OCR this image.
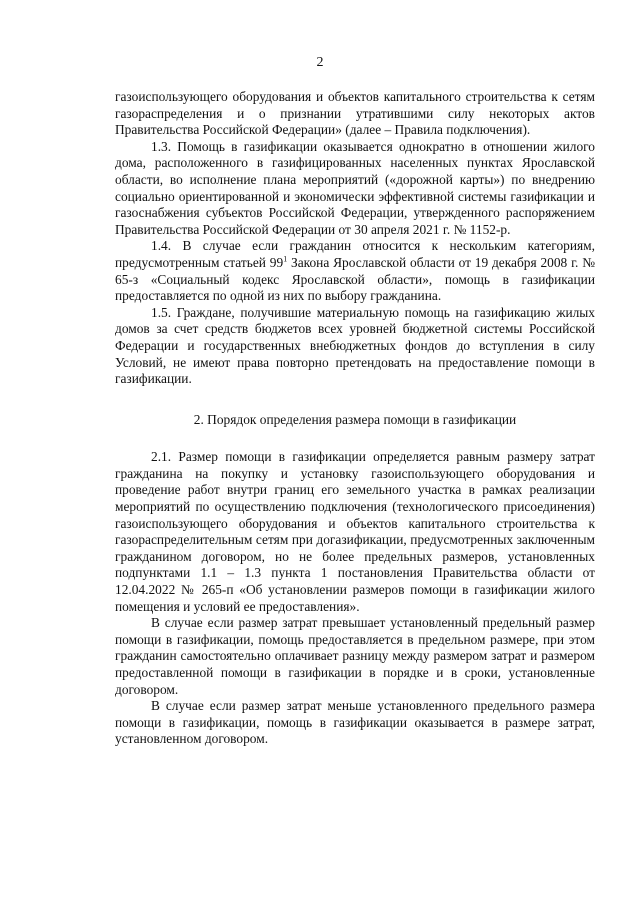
2

газоиспользующего оборудования и объектов капитального строительства к сетям газораспределения и о признании утратившими силу некоторых актов Правительства Российской Федерации» (далее – Правила подключения).

1.3. Помощь в газификации оказывается однократно в отношении жилого дома, расположенного в газифицированных населенных пунктах Ярославской области, во исполнение плана мероприятий («дорожной карты») по внедрению социально ориентированной и экономически эффективной системы газификации и газоснабжения субъектов Российской Федерации, утвержденного распоряжением Правительства Российской Федерации от 30 апреля 2021 г. № 1152-р.

1.4. В случае если гражданин относится к нескольким категориям, предусмотренным статьей $99^1$ Закона Ярославской области от 19 декабря 2008 г. № 65-з «Социальный кодекс Ярославской области», помощь в газификации предоставляется по одной из них по выбору гражданина.

1.5. Граждане, получившие материальную помощь на газификацию жилых домов за счет средств бюджетов всех уровней бюджетной системы Российской Федерации и государственных внебюджетных фондов до вступления в силу Условий, не имеют права повторно претендовать на предоставление помощи в газификации.

2. Порядок определения размера помощи в газификации

2.1. Размер помощи в газификации определяется равным размеру затрат гражданина на покупку и установку газоиспользующего оборудования и проведение работ внутри границ его земельного участка в рамках реализации мероприятий по осуществлению подключения (технологического присоединения) газоиспользующего оборудования и объектов капитального строительства к газораспределительным сетям при догазификации, предусмотренных заключенным гражданином договором, но не более предельных размеров, установленных подпунктами 1.1 – 1.3 пункта 1 постановления Правительства области от 12.04.2022 № 265-п «Об установлении размеров помощи в газификации жилого помещения и условий ее предоставления».

В случае если размер затрат превышает установленный предельный размер помощи в газификации, помощь предоставляется в предельном размере, при этом гражданин самостоятельно оплачивает разницу между размером затрат и размером предоставленной помощи в газификации в порядке и в сроки, установленные договором.

В случае если размер затрат меньше установленного предельного размера помощи в газификации, помощь в газификации оказывается в размере затрат, установленном договором.
